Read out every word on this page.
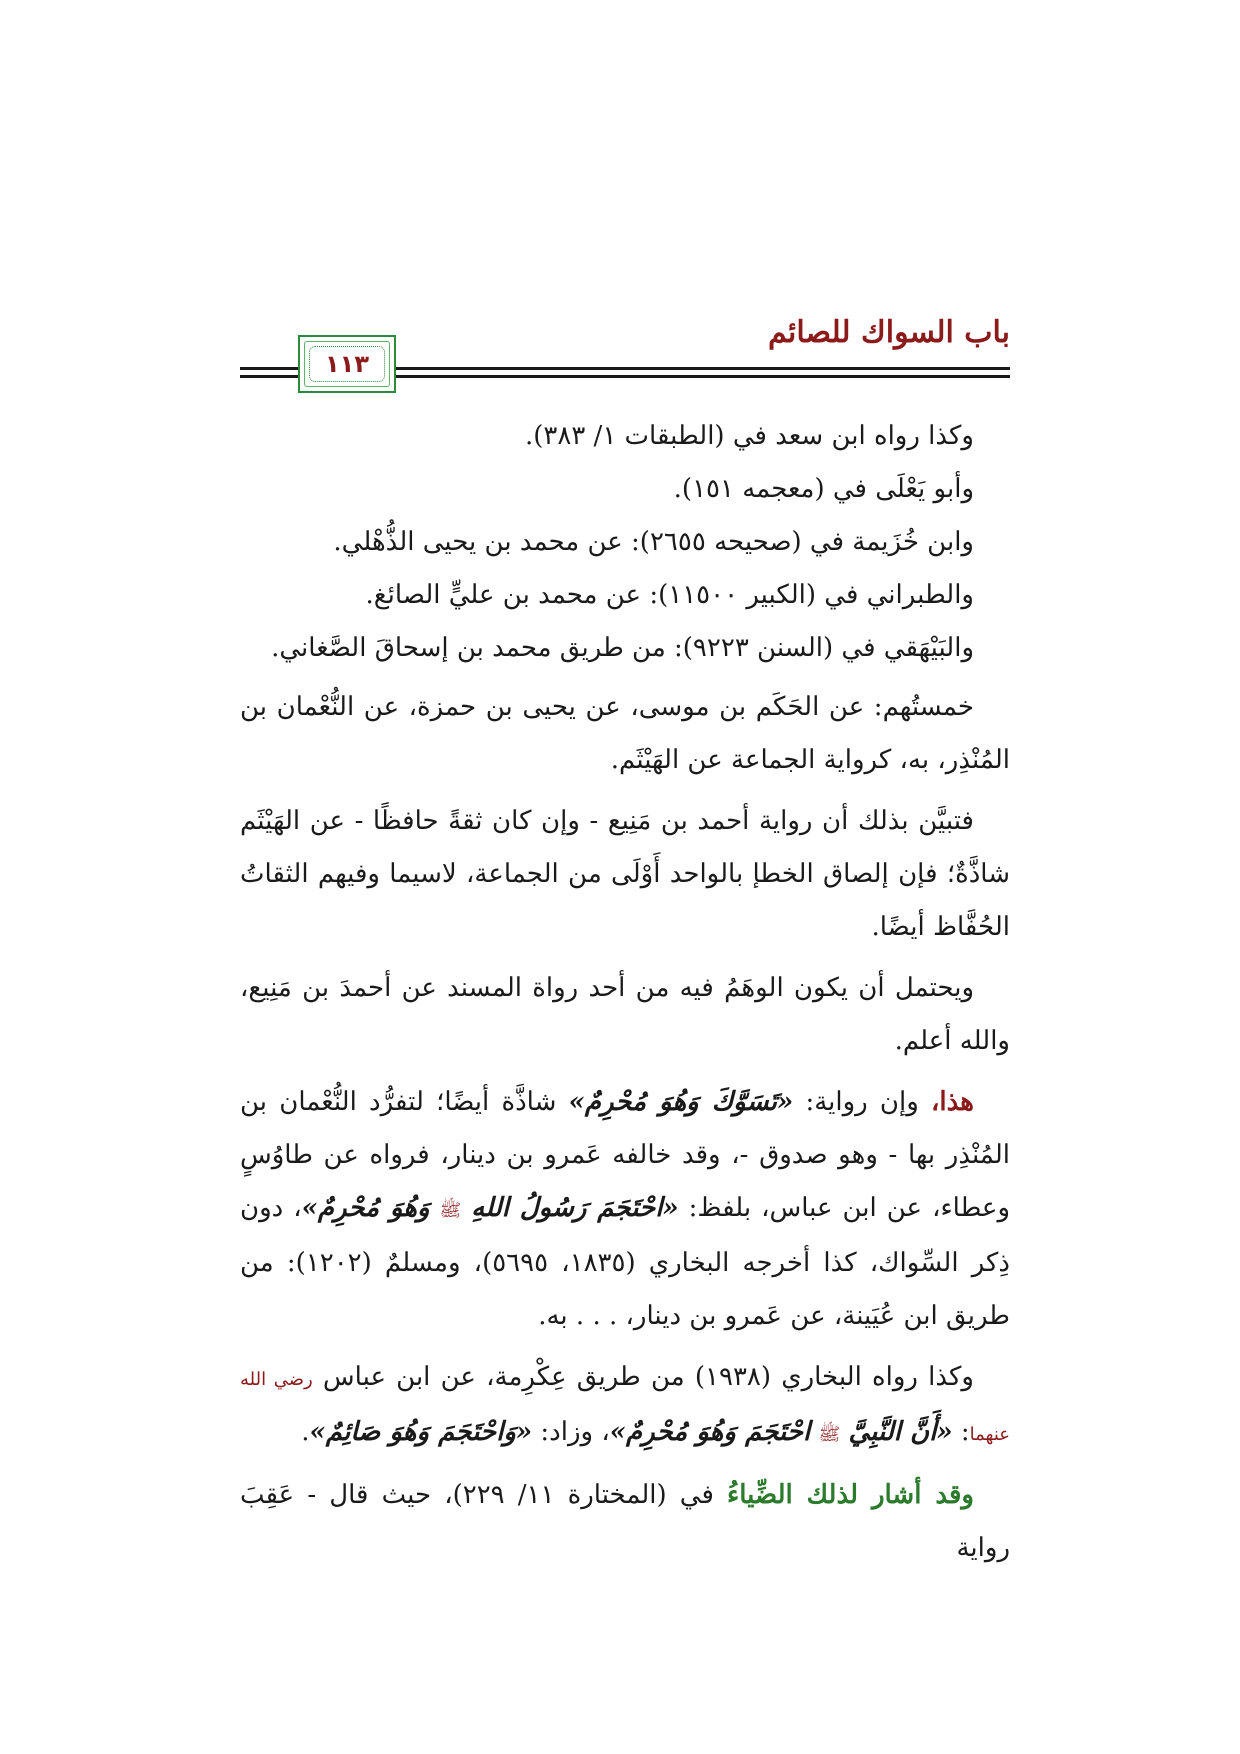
باب السواك للصائم
١١٣

وكذا رواه ابن سعد في (الطبقات ١/ ٣٨٣).

وأبو يَعْلَى في (معجمه ١٥١).

وابن خُزَيمة في (صحيحه ٢٦٥٥): عن محمد بن يحيى الذُّهْلي.

والطبراني في (الكبير ١١٥٠٠): عن محمد بن عليٍّ الصائغ.

والبَيْهَقي في (السنن ٩٢٢٣): من طريق محمد بن إسحاقَ الصَّغاني.

خمستُهم: عن الحَكَم بن موسى، عن يحيى بن حمزة، عن النُّعْمان بن المُنْذِر، به، كرواية الجماعة عن الهَيْثَم.

فتبيَّن بذلك أن رواية أحمد بن مَنِيع - وإن كان ثقةً حافظًا - عن الهَيْثَم شاذَّةٌ؛ فإن إلصاق الخطإ بالواحد أَوْلَى من الجماعة، لاسيما وفيهم الثقاتُ الحُفَّاظ أيضًا.

ويحتمل أن يكون الوهَمُ فيه من أحد رواة المسند عن أحمدَ بن مَنِيع، والله أعلم.

هذا، وإن رواية: «تَسَوَّكَ وَهُوَ مُحْرِمٌ» شاذَّة أيضًا؛ لتفرُّد النُّعْمان بن المُنْذِر بها - وهو صدوق -، وقد خالفه عَمرو بن دينار، فرواه عن طاوُسٍ وعطاء، عن ابن عباس، بلفظ: «احْتَجَمَ رَسُولُ اللهِ ﷺ وَهُوَ مُحْرِمٌ»، دون ذِكر السِّواك، كذا أخرجه البخاري (١٨٣٥، ٥٦٩٥)، ومسلمٌ (١٢٠٢): من طريق ابن عُيَينة، عن عَمرو بن دينار، . . . به.

وكذا رواه البخاري (١٩٣٨) من طريق عِكْرِمة، عن ابن عباس رضي الله عنهما: «أَنَّ النَّبِيَّ ﷺ احْتَجَمَ وَهُوَ مُحْرِمٌ»، وزاد: «وَاحْتَجَمَ وَهُوَ صَائِمٌ».

وقد أشار لذلك الضِّياءُ في (المختارة ١١/ ٢٢٩)، حيث قال - عَقِبَ رواية
